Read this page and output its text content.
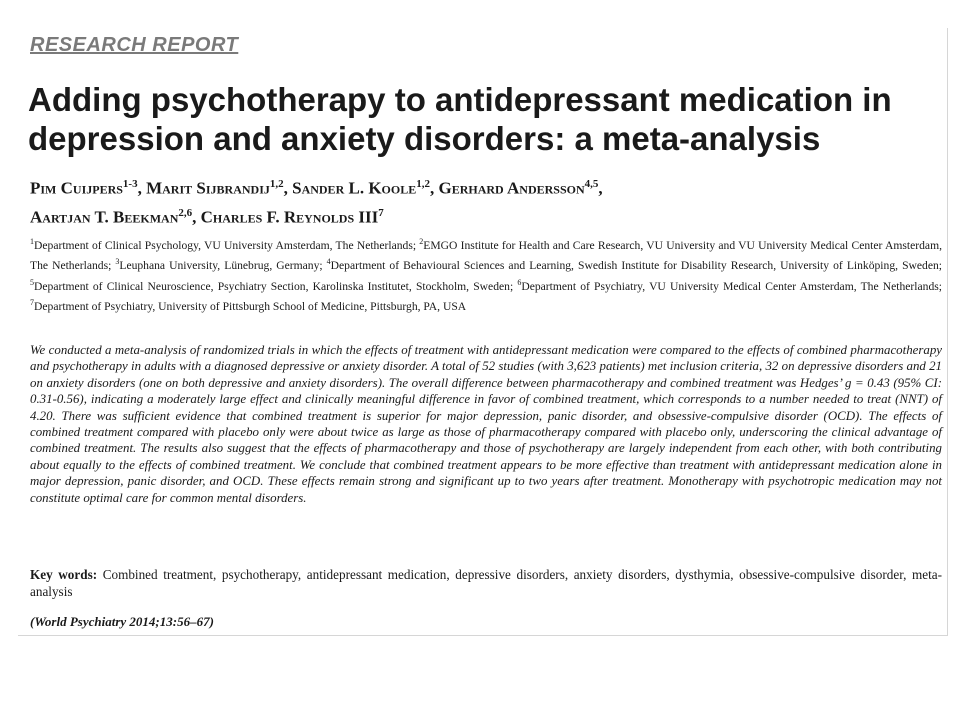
RESEARCH REPORT
Adding psychotherapy to antidepressant medication in depression and anxiety disorders: a meta-analysis
Pim Cuijpers$^{1-3}$, Marit Sijbrandij$^{1,2}$, Sander L. Koole$^{1,2}$, Gerhard Andersson$^{4,5}$,
Aartjan T. Beekman$^{2,6}$, Charles F. Reynolds III$^7$
$^1$Department of Clinical Psychology, VU University Amsterdam, The Netherlands; $^2$EMGO Institute for Health and Care Research, VU University and VU University Medical Center Amsterdam, The Netherlands; $^3$Leuphana University, Lünebrug, Germany; $^4$Department of Behavioural Sciences and Learning, Swedish Institute for Disability Research, University of Linköping, Sweden; $^5$Department of Clinical Neuroscience, Psychiatry Section, Karolinska Institutet, Stockholm, Sweden; $^6$Department of Psychiatry, VU University Medical Center Amsterdam, The Netherlands; $^7$Department of Psychiatry, University of Pittsburgh School of Medicine, Pittsburgh, PA, USA

We conducted a meta-analysis of randomized trials in which the effects of treatment with antidepressant medication were compared to the effects of combined pharmacotherapy and psychotherapy in adults with a diagnosed depressive or anxiety disorder. A total of 52 studies (with 3,623 patients) met inclusion criteria, 32 on depressive disorders and 21 on anxiety disorders (one on both depressive and anxiety disorders). The overall difference between pharmacotherapy and combined treatment was Hedges’ g = 0.43 (95% CI: 0.31-0.56), indicating a moderately large effect and clinically meaningful difference in favor of combined treatment, which corresponds to a number needed to treat (NNT) of 4.20. There was sufficient evidence that combined treatment is superior for major depression, panic disorder, and obsessive-compulsive disorder (OCD). The effects of combined treatment compared with placebo only were about twice as large as those of pharmacotherapy compared with placebo only, underscoring the clinical advantage of combined treatment. The results also suggest that the effects of pharmacotherapy and those of psychotherapy are largely independent from each other, with both contributing about equally to the effects of combined treatment. We conclude that combined treatment appears to be more effective than treatment with antidepressant medication alone in major depression, panic disorder, and OCD. These effects remain strong and significant up to two years after treatment. Monotherapy with psychotropic medication may not constitute optimal care for common mental disorders.

Key words: Combined treatment, psychotherapy, antidepressant medication, depressive disorders, anxiety disorders, dysthymia, obsessive-compulsive disorder, meta-analysis
(World Psychiatry 2014;13:56–67)
